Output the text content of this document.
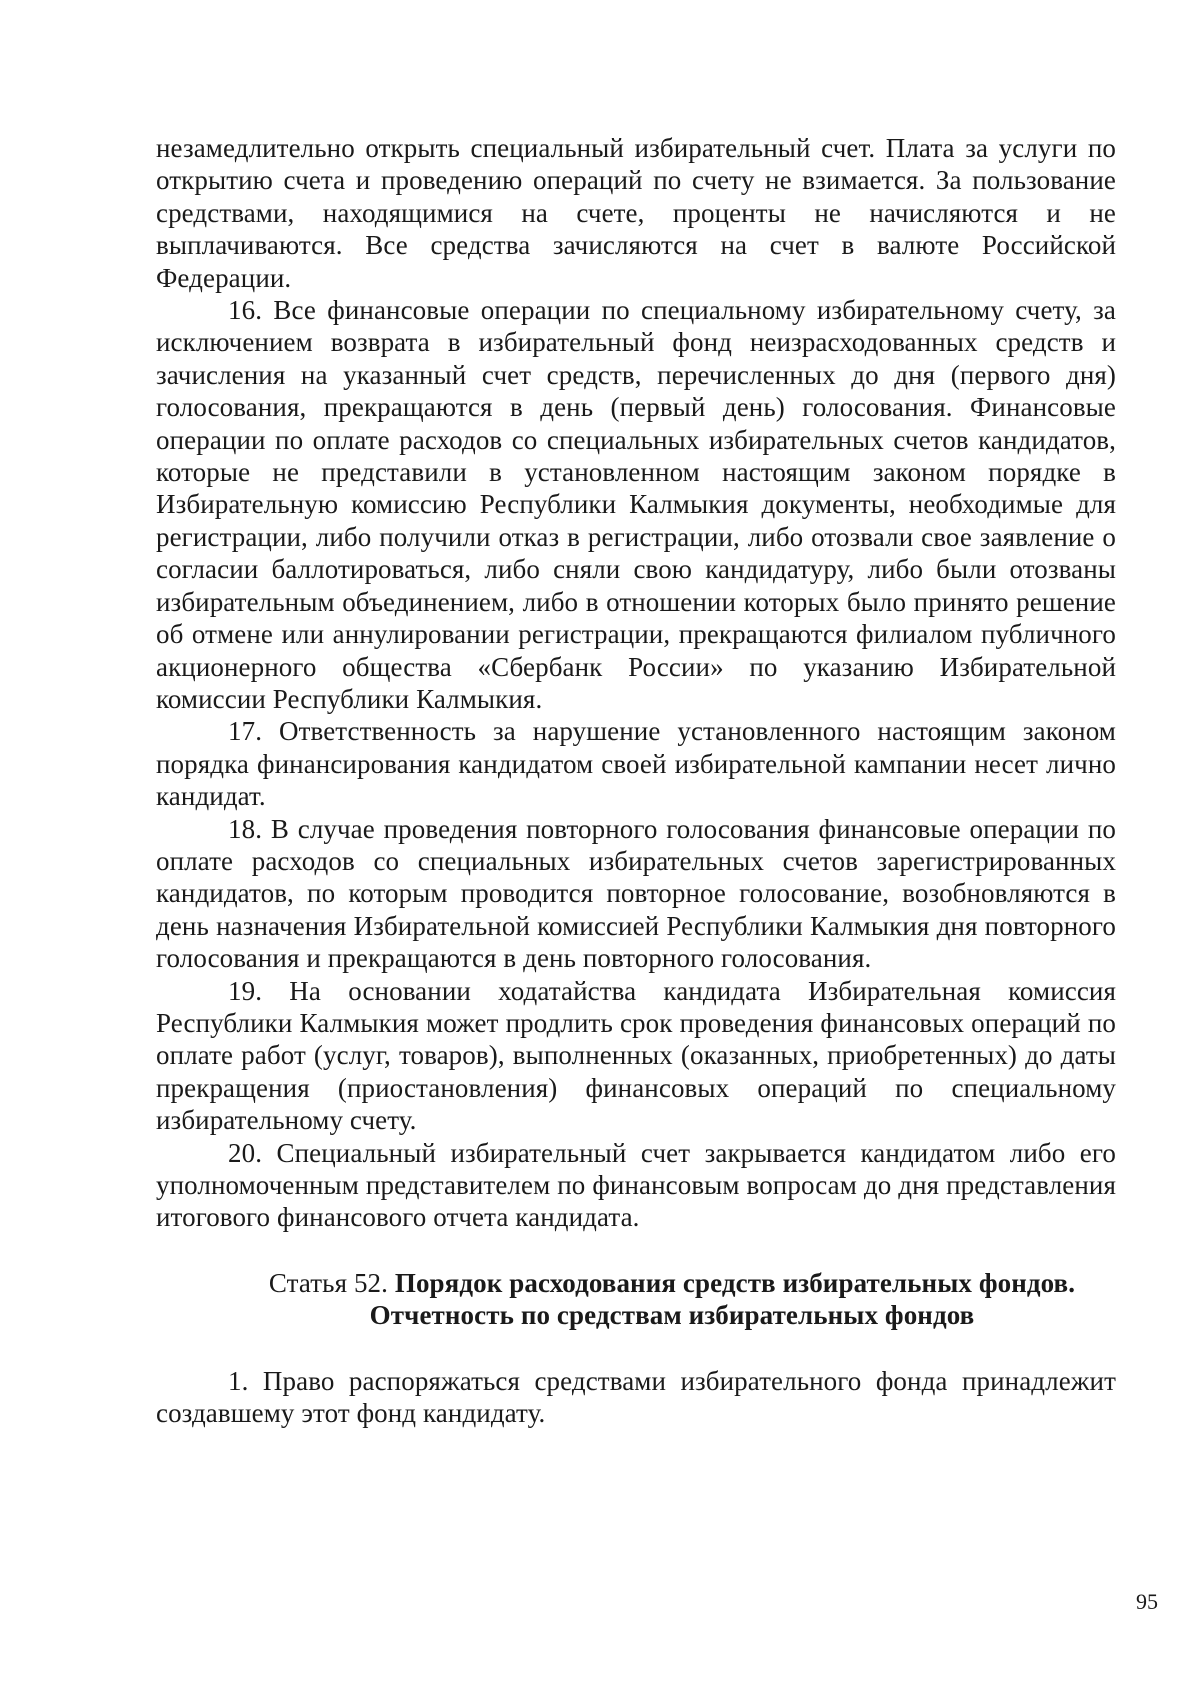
незамедлительно открыть специальный избирательный счет. Плата за услуги по открытию счета и проведению операций по счету не взимается. За пользование средствами, находящимися на счете, проценты не начисляются и не выплачиваются. Все средства зачисляются на счет в валюте Российской Федерации.

16. Все финансовые операции по специальному избирательному счету, за исключением возврата в избирательный фонд неизрасходованных средств и зачисления на указанный счет средств, перечисленных до дня (первого дня) голосования, прекращаются в день (первый день) голосования. Финансовые операции по оплате расходов со специальных избирательных счетов кандидатов, которые не представили в установленном настоящим законом порядке в Избирательную комиссию Республики Калмыкия документы, необходимые для регистрации, либо получили отказ в регистрации, либо отозвали свое заявление о согласии баллотироваться, либо сняли свою кандидатуру, либо были отозваны избирательным объединением, либо в отношении которых было принято решение об отмене или аннулировании регистрации, прекращаются филиалом публичного акционерного общества «Сбербанк России» по указанию Избирательной комиссии Республики Калмыкия.

17. Ответственность за нарушение установленного настоящим законом порядка финансирования кандидатом своей избирательной кампании несет лично кандидат.

18. В случае проведения повторного голосования финансовые операции по оплате расходов со специальных избирательных счетов зарегистрированных кандидатов, по которым проводится повторное голосование, возобновляются в день назначения Избирательной комиссией Республики Калмыкия дня повторного голосования и прекращаются в день повторного голосования.

19. На основании ходатайства кандидата Избирательная комиссия Республики Калмыкия может продлить срок проведения финансовых операций по оплате работ (услуг, товаров), выполненных (оказанных, приобретенных) до даты прекращения (приостановления) финансовых операций по специальному избирательному счету.

20. Специальный избирательный счет закрывается кандидатом либо его уполномоченным представителем по финансовым вопросам до дня представления итогового финансового отчета кандидата.

Статья 52. Порядок расходования средств избирательных фондов.
Отчетность по средствам избирательных фондов

1. Право распоряжаться средствами избирательного фонда принадлежит создавшему этот фонд кандидату.

95
